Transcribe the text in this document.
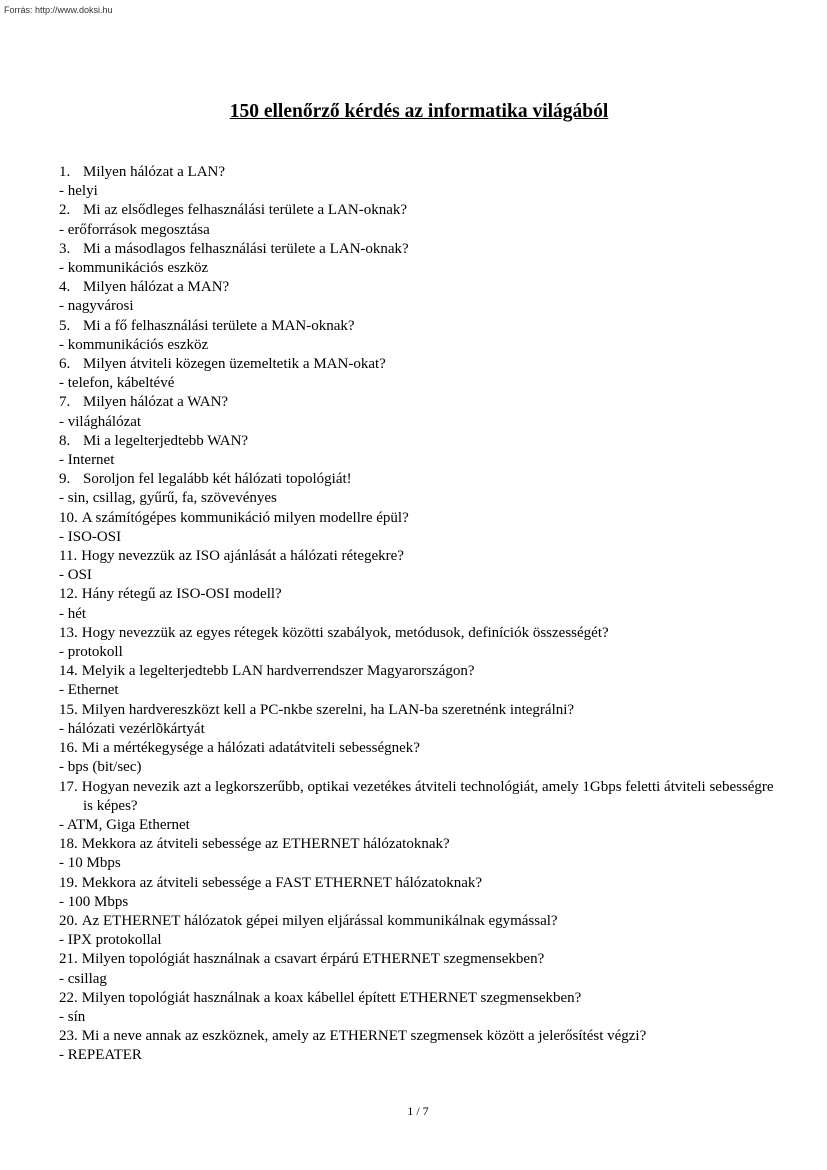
Forrás: http://www.doksi.hu
150 ellenőrző kérdés az informatika világából
1. Milyen hálózat a LAN?
- helyi
2. Mi az elsődleges felhasználási területe a LAN-oknak?
- erőforrások megosztása
3. Mi a másodlagos felhasználási területe a LAN-oknak?
- kommunikációs eszköz
4. Milyen hálózat a MAN?
- nagyvárosi
5. Mi a fő felhasználási területe a MAN-oknak?
- kommunikációs eszköz
6. Milyen átviteli közegen üzemeltetik a MAN-okat?
- telefon, kábeltévé
7. Milyen hálózat a WAN?
- világhálózat
8. Mi a legelterjedtebb WAN?
- Internet
9. Soroljon fel legalább két hálózati topológiát!
- sin, csillag, gyűrű, fa, szövevényes
10. A számítógépes kommunikáció milyen modellre épül?
- ISO-OSI
11. Hogy nevezzük az ISO ajánlását a hálózati rétegekre?
- OSI
12. Hány rétegű az ISO-OSI modell?
- hét
13. Hogy nevezzük az egyes rétegek közötti szabályok, metódusok, definíciók összességét?
- protokoll
14. Melyik a legelterjedtebb LAN hardverrendszer Magyarországon?
- Ethernet
15. Milyen hardvereszközt kell a PC-nkbe szerelni, ha LAN-ba szeretnénk integrálni?
- hálózati vezérlõkártyát
16. Mi a mértékegysége a hálózati adatátviteli sebességnek?
- bps (bit/sec)
17. Hogyan nevezik azt a legkorszerűbb, optikai vezetékes átviteli technológiát, amely 1Gbps feletti átviteli sebességre is képes?
- ATM, Giga Ethernet
18. Mekkora az átviteli sebessége az ETHERNET hálózatoknak?
- 10 Mbps
19. Mekkora az átviteli sebessége a FAST ETHERNET hálózatoknak?
- 100 Mbps
20. Az ETHERNET hálózatok gépei milyen eljárással kommunikálnak egymással?
- IPX protokollal
21. Milyen topológiát használnak a csavart érpárú ETHERNET szegmensekben?
- csillag
22. Milyen topológiát használnak a koax kábellel épített ETHERNET szegmensekben?
- sín
23. Mi a neve annak az eszköznek, amely az ETHERNET szegmensek között a jelerősítést végzi?
- REPEATER
1 / 7
